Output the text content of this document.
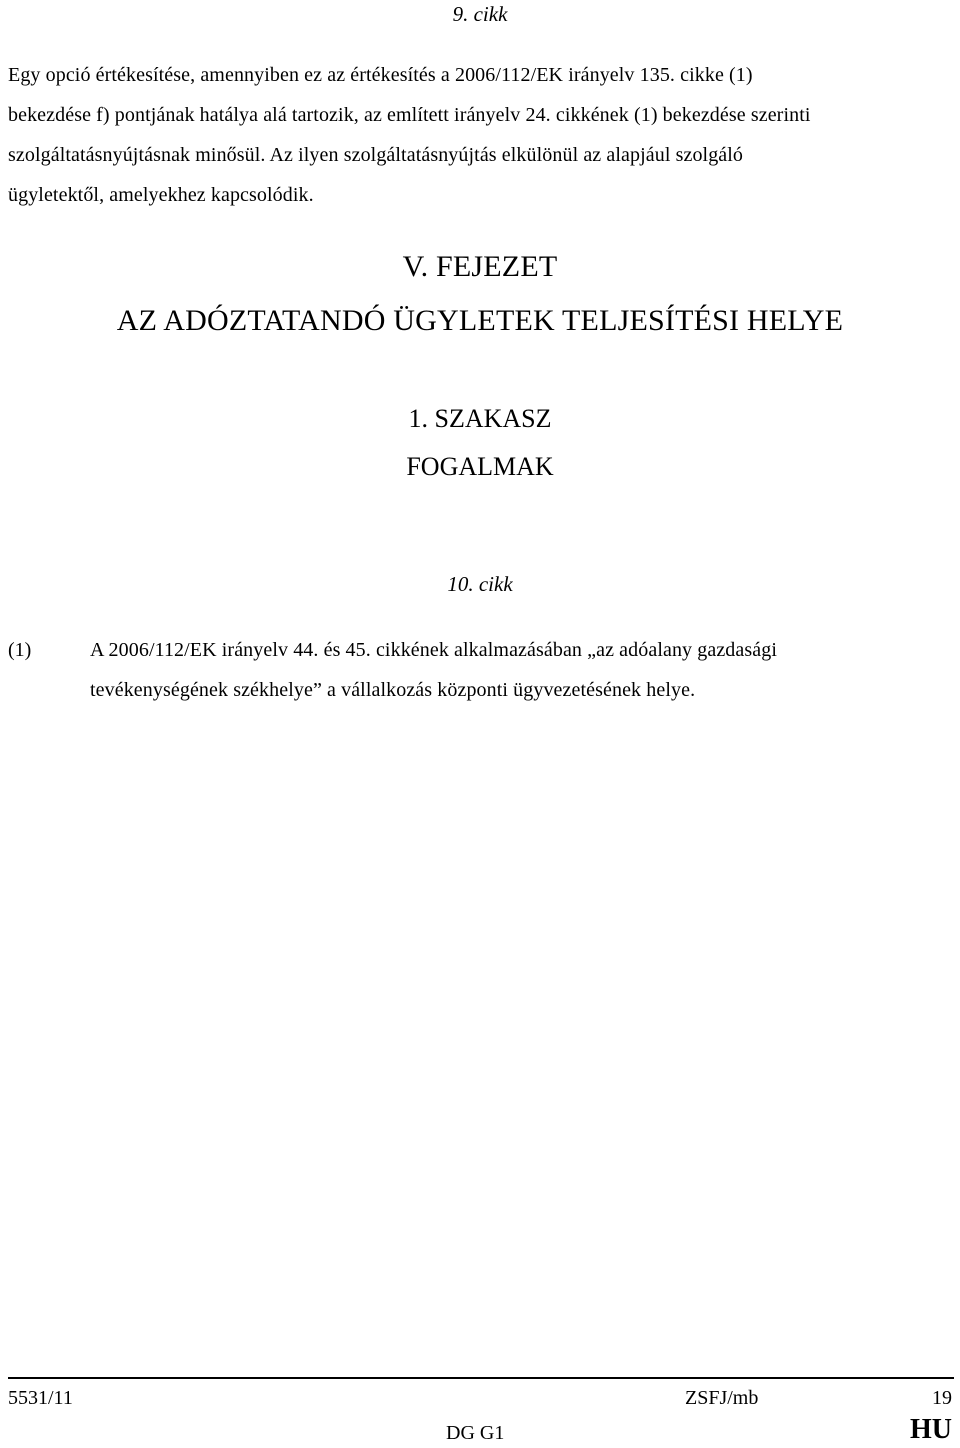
9. cikk
Egy opció értékesítése, amennyiben ez az értékesítés a 2006/112/EK irányelv 135. cikke (1)
bekezdése f) pontjának hatálya alá tartozik, az említett irányelv 24. cikkének (1) bekezdése szerinti
szolgáltatásnyújtásnak minősül. Az ilyen szolgáltatásnyújtás elkülönül az alapjául szolgáló
ügyletektől, amelyekhez kapcsolódik.
V. FEJEZET
AZ ADÓZTATANDÓ ÜGYLETEK TELJESÍTÉSI HELYE
1. SZAKASZ
FOGALMAK
10. cikk
(1)	A 2006/112/EK irányelv 44. és 45. cikkének alkalmazásában „az adóalany gazdasági
tevékenységének székhelye” a vállalkozás központi ügyvezetésének helye.
5531/11	ZSFJ/mb	19
DG G1	HU
